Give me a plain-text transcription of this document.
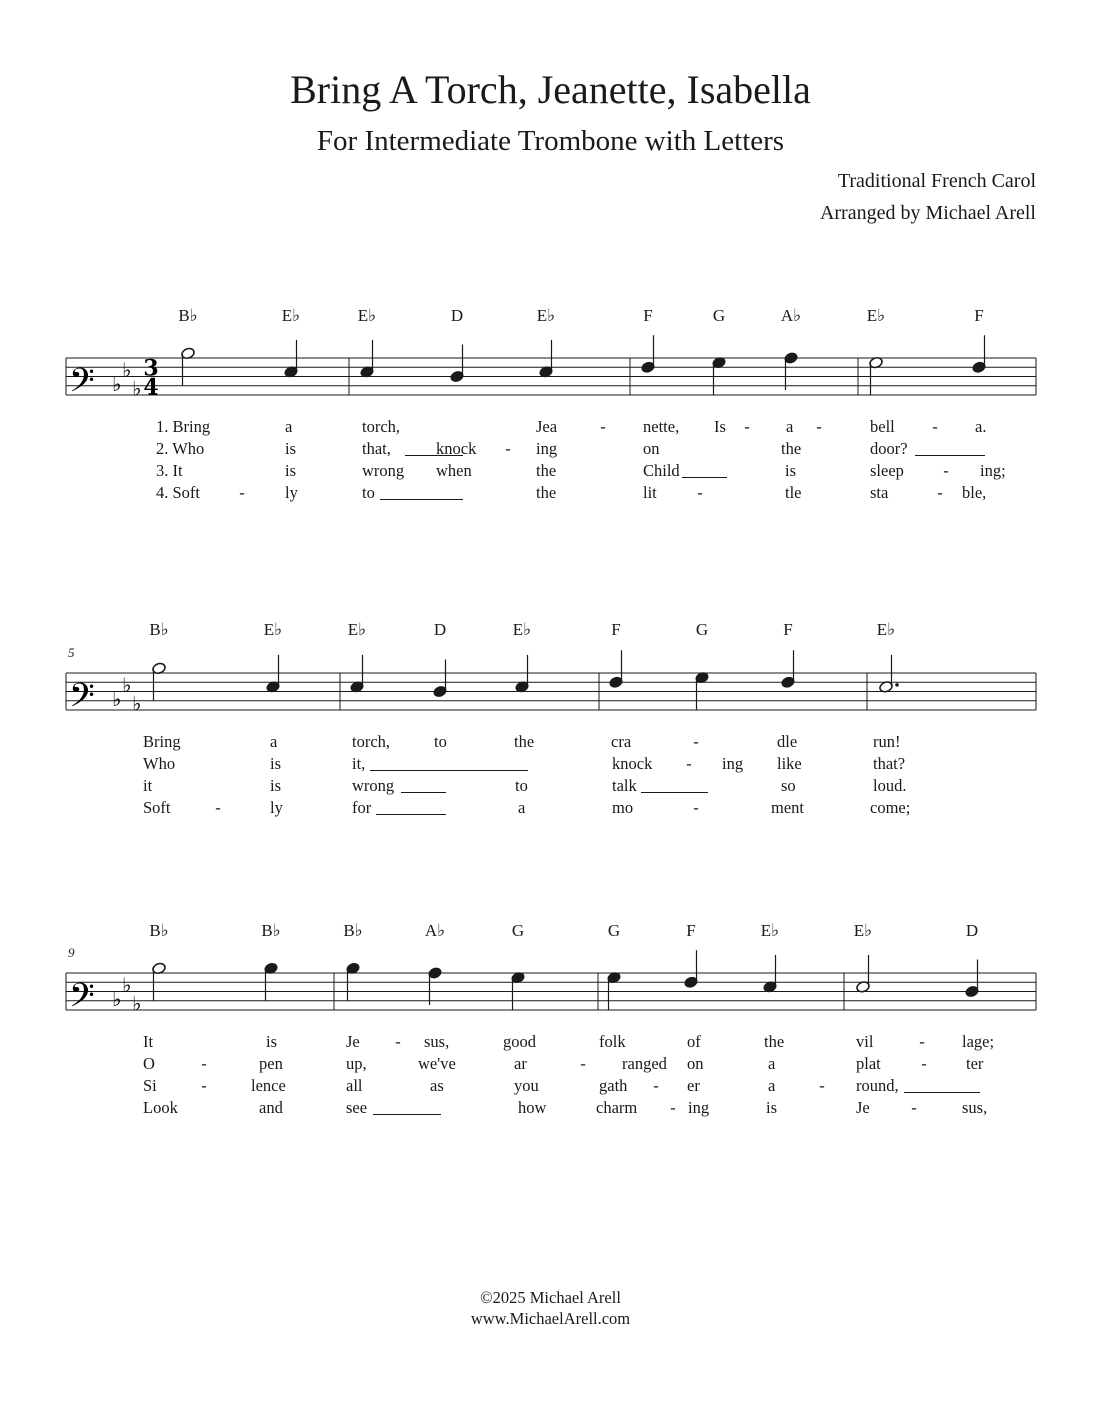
Bring A Torch, Jeanette, Isabella
For Intermediate Trombone with Letters
Traditional French Carol
Arranged by Michael Arell
B♭	E♭	E♭	D	E♭	F	G	A♭	E♭	F
𝄢 ♭
♭
♭
3
4
1. Bring	a	torch,	Jea	- nette, Is - a -	bell - a.
2. Who	is	that,	knock - ing	on	the	door?
3. It	is	wrong when	the	Child	is	sleep - ing;
4. Soft - ly	to	the	lit -	tle	sta	- ble,
B♭	E♭	E♭	D	E♭	F	G	F	E♭
5
𝄢 ♭
♭
♭
Bring	a	torch,	to	the	cra	-	dle	run!
Who	is	it,	knock - ing like	that?
it	is	wrong	to	talk	so	loud.
Soft	-	ly	for	a	mo	-	ment	come;
B♭	B♭	B♭	A♭	G	G	F	E♭	E♭	D
9
𝄢 ♭
♭
♭
It	is	Je - sus,	good	folk	of	the	vil	- lage;
O	-	pen	up,	we've	ar	- ranged on	a	plat - ter
Si	-	lence	all	as	you	gath - er	a	- round,
Look	and	see	how	charm - ing	is	Je	-	sus,
©2025 Michael Arell
www.MichaelArell.com
